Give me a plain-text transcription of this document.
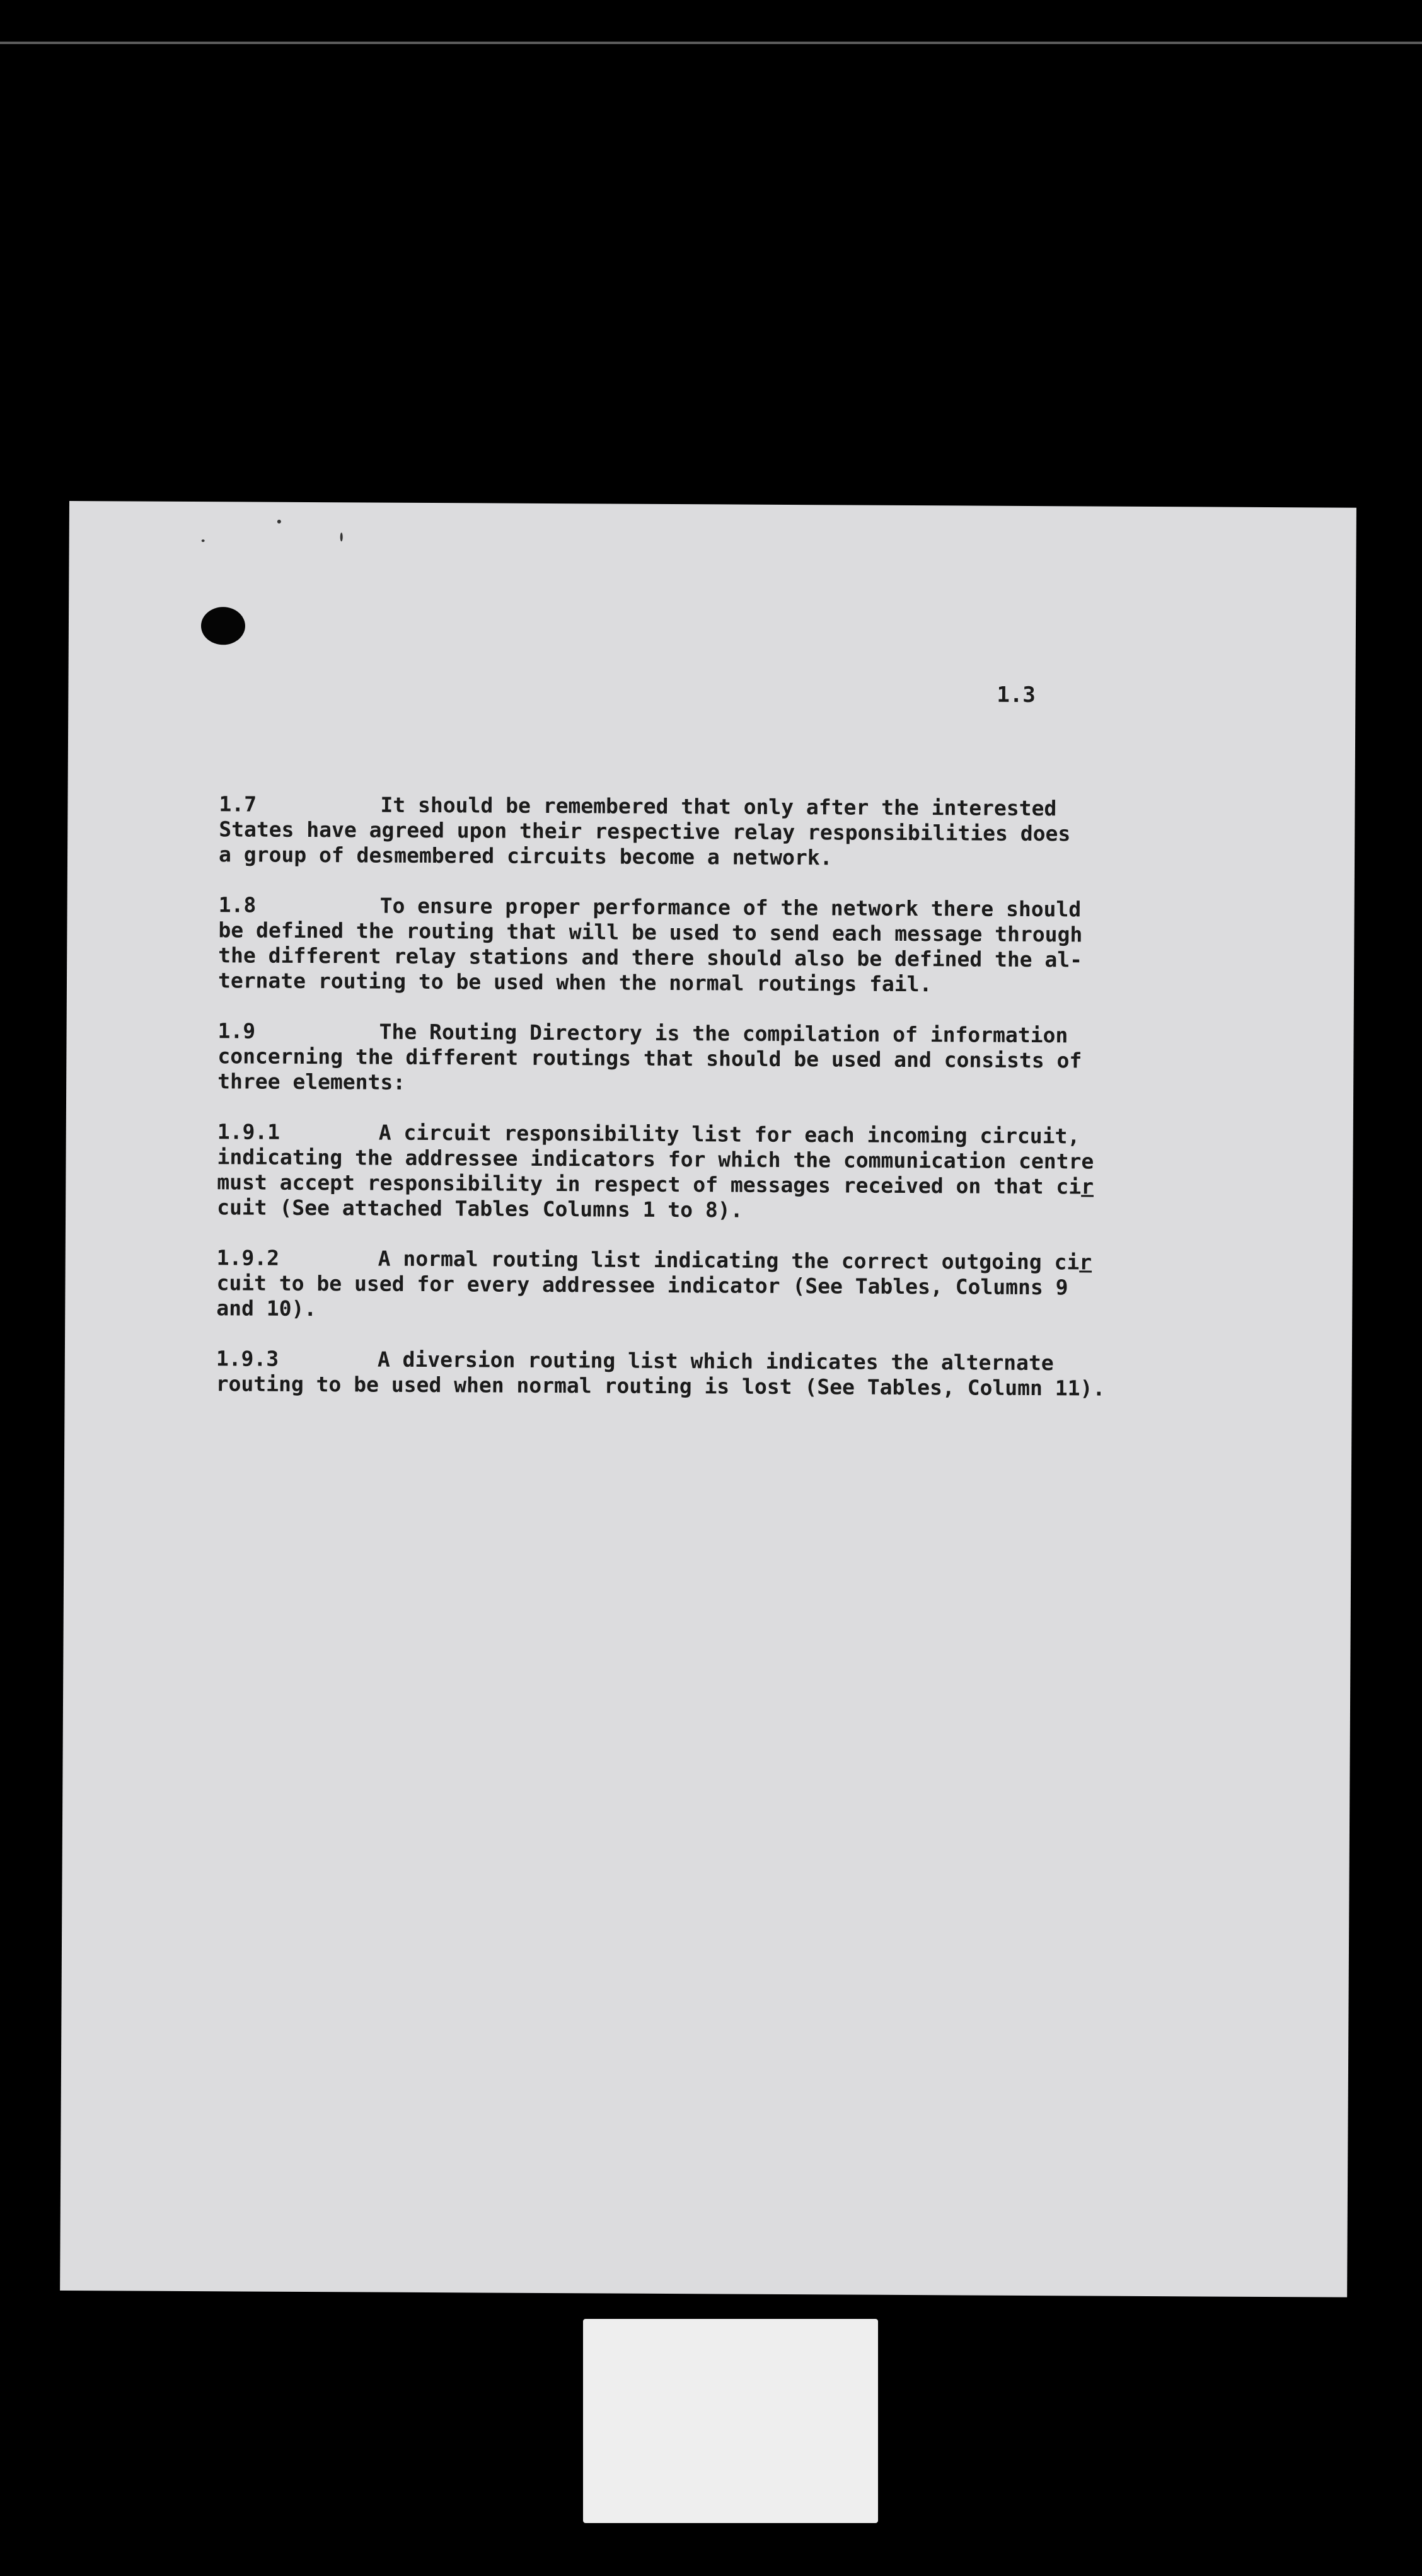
1.3

1.7	It should be remembered that only after the interested
States have agreed upon their respective relay responsibilities does
a group of desmembered circuits become a network.
1.8	To ensure proper performance of the network there should
be defined the routing that will be used to send each message through
the different relay stations and there should also be defined the al-
ternate routing to be used when the normal routings fail.
1.9	The Routing Directory is the compilation of information
concerning the different routings that should be used and consists of
three elements:
1.9.1	A circuit responsibility list for each incoming circuit,
indicating the addressee indicators for which the communication centre
must accept responsibility in respect of messages received on that cir
cuit (See attached Tables Columns 1 to 8).
1.9.2	A normal routing list indicating the correct outgoing cir
cuit to be used for every addressee indicator (See Tables, Columns 9
and 10).
1.9.3	A diversion routing list which indicates the alternate
routing to be used when normal routing is lost (See Tables, Column 11).
